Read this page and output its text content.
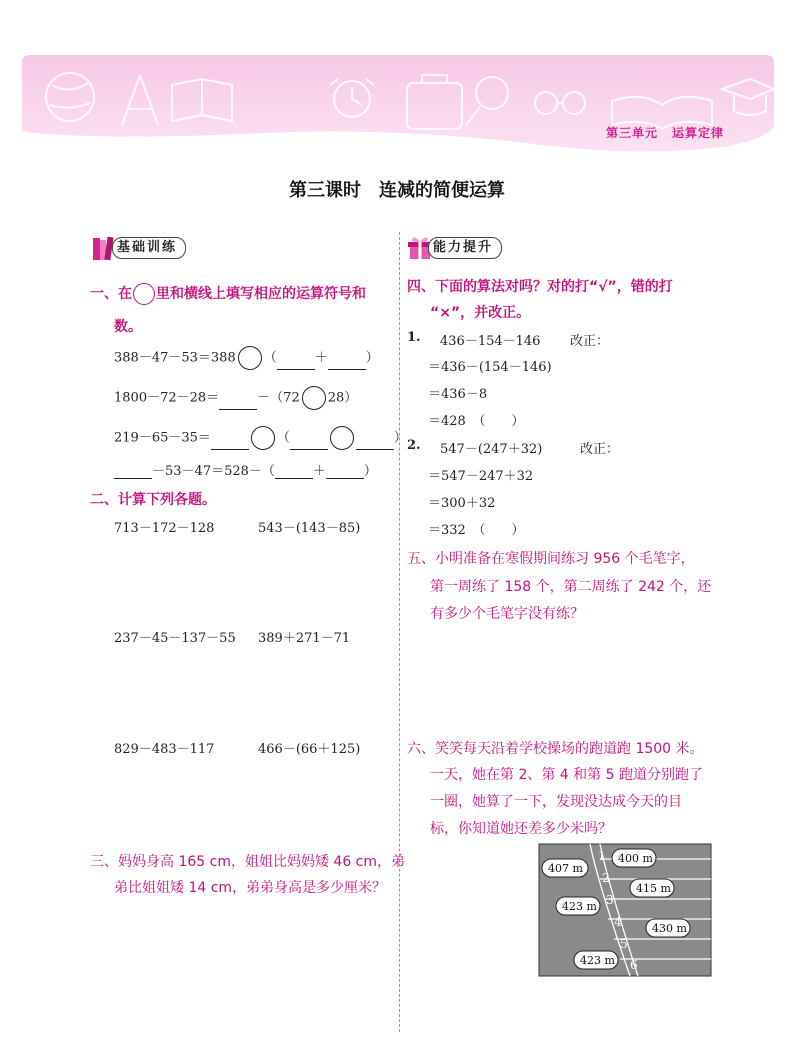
第三单元 运算定律
第三课时 连减的简便运算
基础训练
一、在 里和横线上填写相应的运算符号和
数。
388－47－53＝388 （	＋	）
1800－72－28＝	－（72 28）
219－65－35＝	（	）
－53－47＝528－（	＋	）
二、计算下列各题。
713－172－128	543－(143－85)
237－45－137－55 389＋271－71
829－483－117	466－(66＋125)
三、妈妈身高 165 cm，姐姐比妈妈矮 46 cm，弟
弟比姐姐矮 14 cm，弟弟身高是多少厘米？
能力提升
四、下面的算法对吗？对的打“√”，错的打
“×”，并改正。
1. 436－154－146 改正：
＝436－(154－146)
＝436－8
＝428　（　　）
2. 547－(247＋32)	改正：
＝547－247＋32
＝300＋32
＝332　（　　）
五、小明准备在寒假期间练习 956 个毛笔字，
第一周练了 158 个，第二周练了 242 个，还
有多少个毛笔字没有练？
六、笑笑每天沿着学校操场的跑道跑 1500 米。
一天，她在第 2、第 4 和第 5 跑道分别跑了
一圈，她算了一下，发现没达成今天的目
标，你知道她还差多少米吗？
1
2
3
4
5
6
400 m
407 m
415 m
423 m
430 m
423 m
